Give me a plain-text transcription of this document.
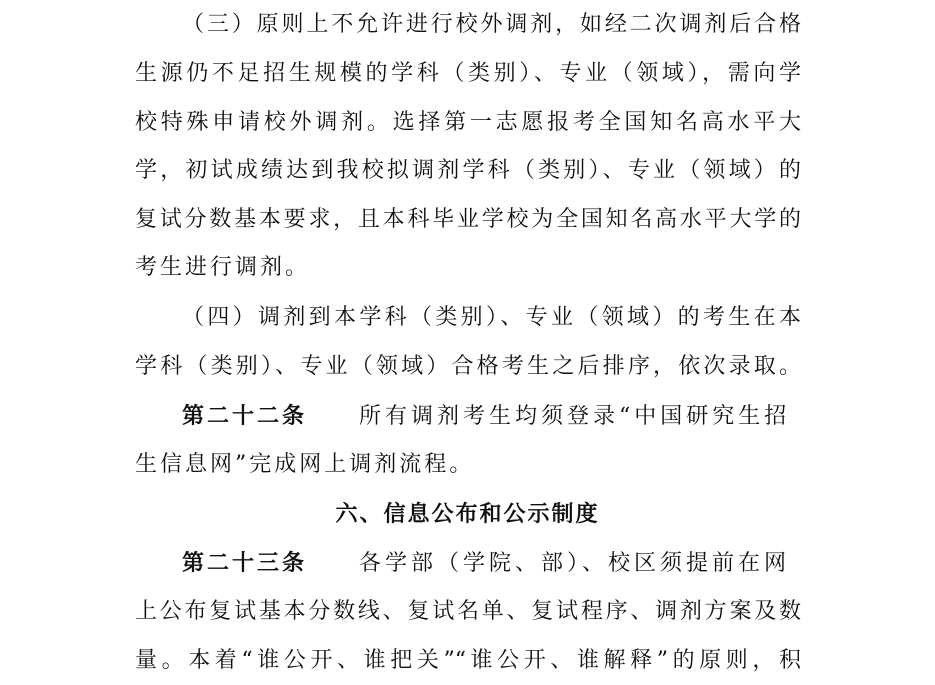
（三）原则上不允许进行校外调剂，如经二次调剂后合格
生源仍不足招生规模的学科（类别）、专业（领域），需向学
校特殊申请校外调剂。选择第一志愿报考全国知名高水平大
学，初试成绩达到我校拟调剂学科（类别）、专业（领域）的
复试分数基本要求，且本科毕业学校为全国知名高水平大学的
考生进行调剂。
（四）调剂到本学科（类别）、专业（领域）的考生在本
学科（类别）、专业（领域）合格考生之后排序，依次录取。
第二十二条 所有调剂考生均须登录“中国研究生招
生信息网”完成网上调剂流程。
六、信息公布和公示制度
第二十三条 各学部（学院、部）、校区须提前在网
上公布复试基本分数线、复试名单、复试程序、调剂方案及数
量。本着“谁公开、谁把关”“谁公开、谁解释”的原则，积
